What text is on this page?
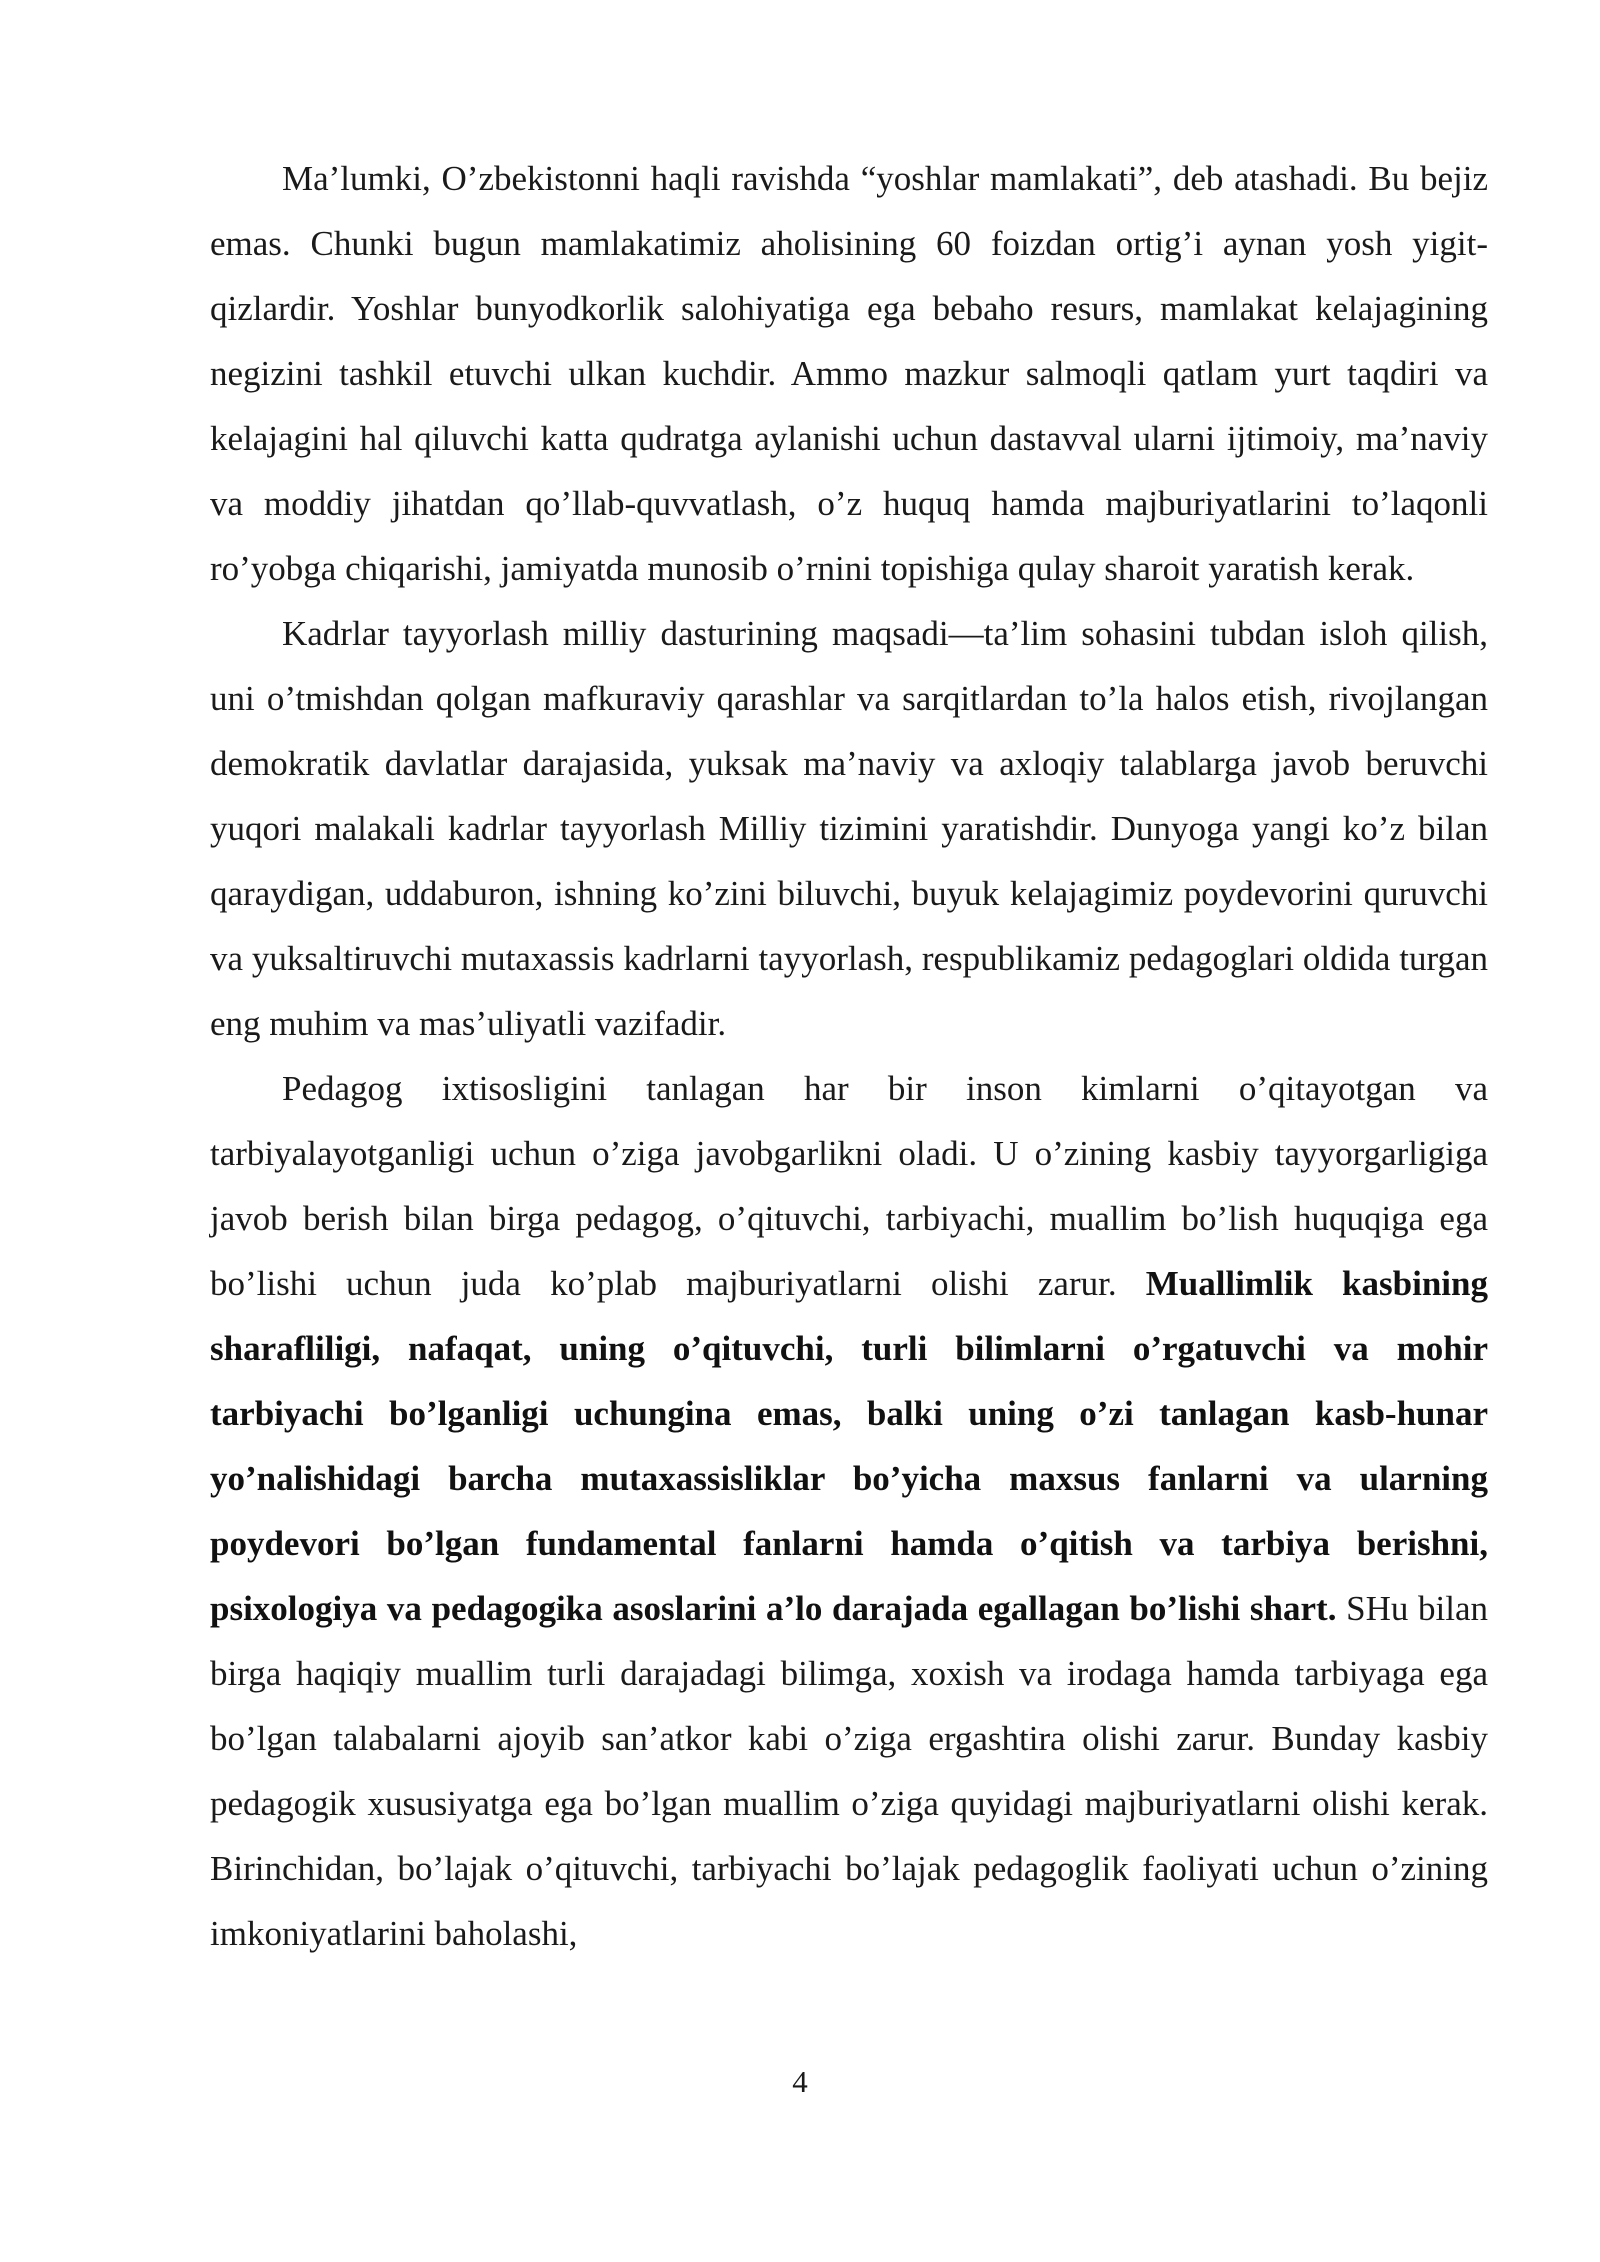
Ma’lumki, O’zbekistonni haqli ravishda “yoshlar mamlakati”, deb atashadi. Bu bejiz emas. Chunki bugun mamlakatimiz aholisining 60 foizdan ortig’i aynan yosh yigit-qizlardir. Yoshlar bunyodkorlik salohiyatiga ega bebaho resurs, mamlakat kelajagining negizini tashkil etuvchi ulkan kuchdir. Ammo mazkur salmoqli qatlam yurt taqdiri va kelajagini hal qiluvchi katta qudratga aylanishi uchun dastavval ularni ijtimoiy, ma’naviy va moddiy jihatdan qo’llab-quvvatlash, o’z huquq hamda majburiyatlarini to’laqonli ro’yobga chiqarishi, jamiyatda munosib o’rnini topishiga qulay sharoit yaratish kerak.

Kadrlar tayyorlash milliy dasturining maqsadi—ta’lim sohasini tubdan isloh qilish, uni o’tmishdan qolgan mafkuraviy qarashlar va sarqitlardan to’la halos etish, rivojlangan demokratik davlatlar darajasida, yuksak ma’naviy va axloqiy talablarga javob beruvchi yuqori malakali kadrlar tayyorlash Milliy tizimini yaratishdir. Dunyoga yangi ko’z bilan qaraydigan, uddaburon, ishning ko’zini biluvchi, buyuk kelajagimiz poydevorini quruvchi va yuksaltiruvchi mutaxassis kadrlarni tayyorlash, respublikamiz pedagoglari oldida turgan eng muhim va mas’uliyatli vazifadir.

Pedagog ixtisosligini tanlagan har bir inson kimlarni o’qitayotgan va tarbiyalayotganligi uchun o’ziga javobgarlikni oladi. U o’zining kasbiy tayyorgarligiga javob berish bilan birga pedagog, o’qituvchi, tarbiyachi, muallim bo’lish huquqiga ega bo’lishi uchun juda ko’plab majburiyatlarni olishi zarur. Muallimlik kasbining sharafliligi, nafaqat, uning o’qituvchi, turli bilimlarni o’rgatuvchi va mohir tarbiyachi bo’lganligi uchungina emas, balki uning o’zi tanlagan kasb-hunar yo’nalishidagi barcha mutaxassisliklar bo’yicha maxsus fanlarni va ularning poydevori bo’lgan fundamental fanlarni hamda o’qitish va tarbiya berishni, psixologiya va pedagogika asoslarini a’lo darajada egallagan bo’lishi shart. SHu bilan birga haqiqiy muallim turli darajadagi bilimga, xoxish va irodaga hamda tarbiyaga ega bo’lgan talabalarni ajoyib san’atkor kabi o’ziga ergashtira olishi zarur. Bunday kasbiy pedagogik xususiyatga ega bo’lgan muallim o’ziga quyidagi majburiyatlarni olishi kerak. Birinchidan, bo’lajak o’qituvchi, tarbiyachi bo’lajak pedagoglik faoliyati uchun o’zining imkoniyatlarini baholashi,

4
